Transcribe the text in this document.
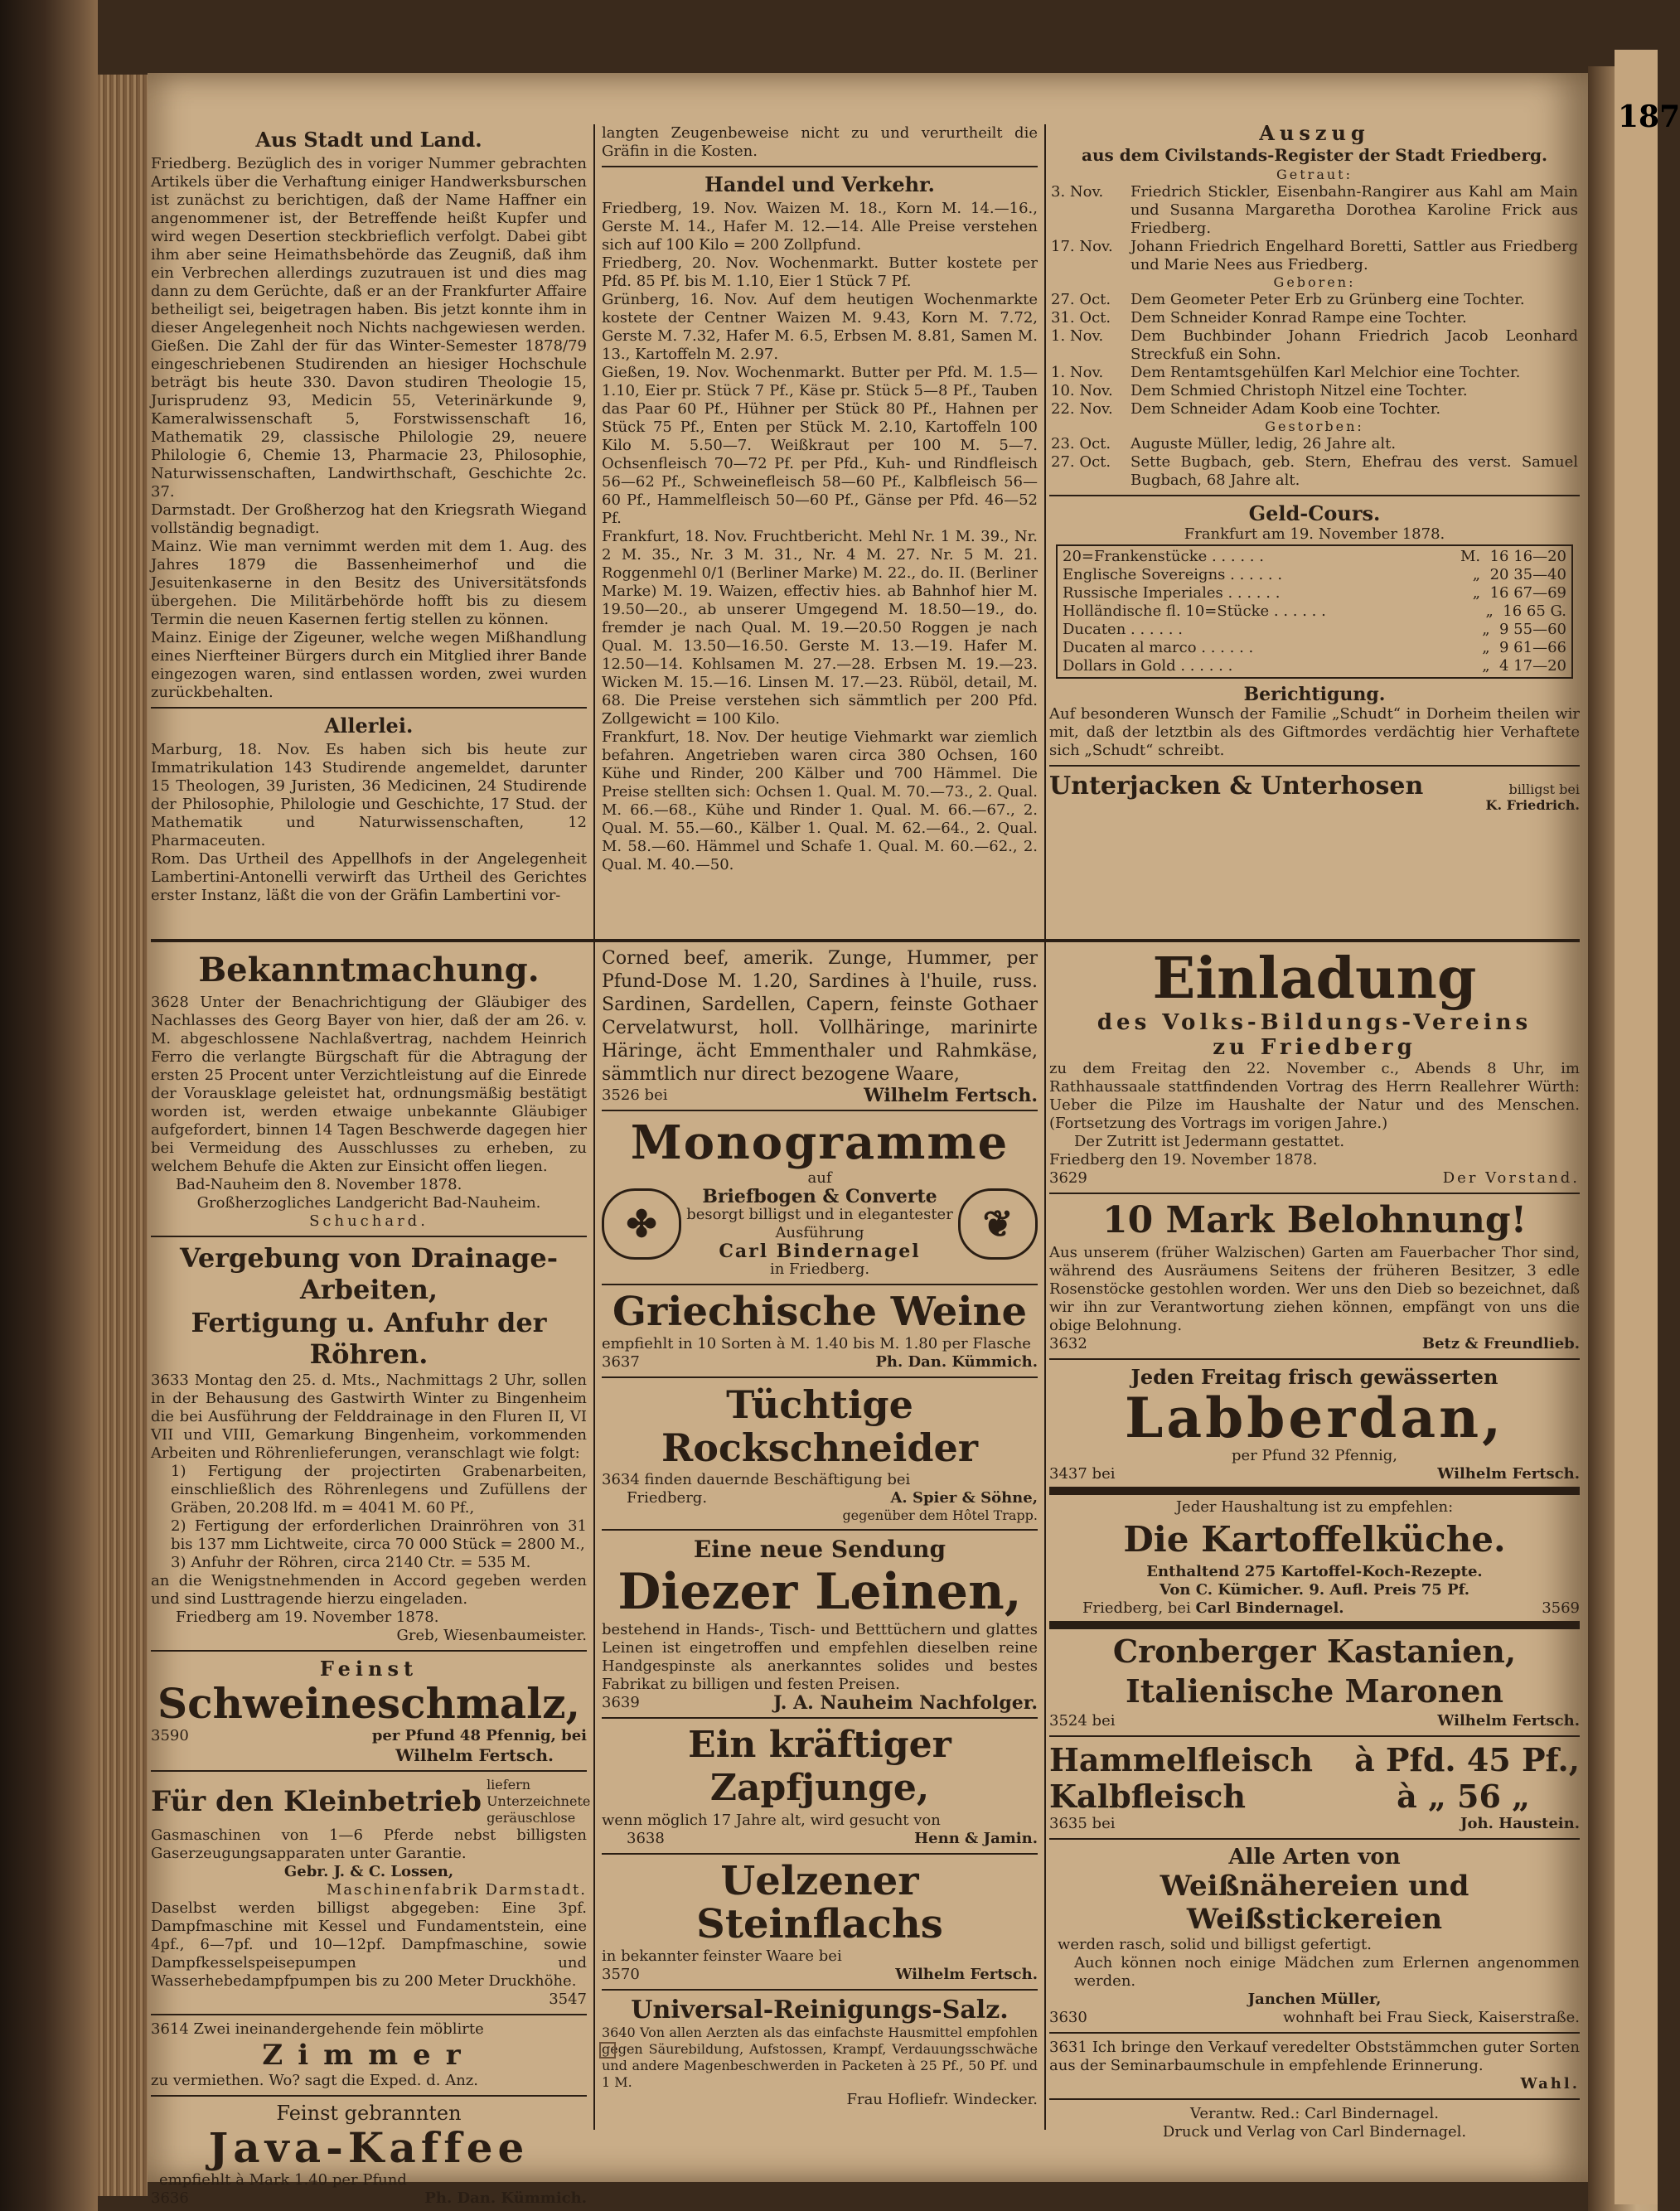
187
Aus Stadt und Land.

Friedberg. Bezüglich des in voriger Nummer gebrachten Artikels über die Verhaftung einiger Handwerksburschen ist zunächst zu berichtigen, daß der Name Haffner ein angenommener ist, der Betreffende heißt Kupfer und wird wegen Desertion steckbrieflich verfolgt. Dabei gibt ihm aber seine Heimathsbehörde das Zeugniß, daß ihm ein Verbrechen allerdings zuzutrauen ist und dies mag dann zu dem Gerüchte, daß er an der Frankfurter Affaire betheiligt sei, beigetragen haben. Bis jetzt konnte ihm in dieser Angelegenheit noch Nichts nachgewiesen werden.

Gießen. Die Zahl der für das Winter-Semester 1878/79 eingeschriebenen Studirenden an hiesiger Hochschule beträgt bis heute 330. Davon studiren Theologie 15, Jurisprudenz 93, Medicin 55, Veterinärkunde 9, Kameralwissenschaft 5, Forstwissenschaft 16, Mathematik 29, classische Philologie 29, neuere Philologie 6, Chemie 13, Pharmacie 23, Philosophie, Naturwissenschaften, Landwirthschaft, Geschichte 2c. 37.

Darmstadt. Der Großherzog hat den Kriegsrath Wiegand vollständig begnadigt.

Mainz. Wie man vernimmt werden mit dem 1. Aug. des Jahres 1879 die Bassenheimerhof und die Jesuitenkaserne in den Besitz des Universitätsfonds übergehen. Die Militärbehörde hofft bis zu diesem Termin die neuen Kasernen fertig stellen zu können.

Mainz. Einige der Zigeuner, welche wegen Mißhandlung eines Nierfteiner Bürgers durch ein Mitglied ihrer Bande eingezogen waren, sind entlassen worden, zwei wurden zurückbehalten.

Allerlei.

Marburg, 18. Nov. Es haben sich bis heute zur Immatrikulation 143 Studirende angemeldet, darunter 15 Theologen, 39 Juristen, 36 Medicinen, 24 Studirende der Philosophie, Philologie und Geschichte, 17 Stud. der Mathematik und Naturwissenschaften, 12 Pharmaceuten.

Rom. Das Urtheil des Appellhofs in der Angelegenheit Lambertini-Antonelli verwirft das Urtheil des Gerichtes erster Instanz, läßt die von der Gräfin Lambertini vor-

langten Zeugenbeweise nicht zu und verurtheilt die Gräfin in die Kosten.

Handel und Verkehr.

Friedberg, 19. Nov. Waizen M. 18., Korn M. 14.—16., Gerste M. 14., Hafer M. 12.—14. Alle Preise verstehen sich auf 100 Kilo = 200 Zollpfund.

Friedberg, 20. Nov. Wochenmarkt. Butter kostete per Pfd. 85 Pf. bis M. 1.10, Eier 1 Stück 7 Pf.

Grünberg, 16. Nov. Auf dem heutigen Wochenmarkte kostete der Centner Waizen M. 9.43, Korn M. 7.72, Gerste M. 7.32, Hafer M. 6.5, Erbsen M. 8.81, Samen M. 13., Kartoffeln M. 2.97.

Gießen, 19. Nov. Wochenmarkt. Butter per Pfd. M. 1.5—1.10, Eier pr. Stück 7 Pf., Käse pr. Stück 5—8 Pf., Tauben das Paar 60 Pf., Hühner per Stück 80 Pf., Hahnen per Stück 75 Pf., Enten per Stück M. 2.10, Kartoffeln 100 Kilo M. 5.50—7. Weißkraut per 100 M. 5—7. Ochsenfleisch 70—72 Pf. per Pfd., Kuh- und Rindfleisch 56—62 Pf., Schweinefleisch 58—60 Pf., Kalbfleisch 56—60 Pf., Hammelfleisch 50—60 Pf., Gänse per Pfd. 46—52 Pf.

Frankfurt, 18. Nov. Fruchtbericht. Mehl Nr. 1 M. 39., Nr. 2 M. 35., Nr. 3 M. 31., Nr. 4 M. 27. Nr. 5 M. 21. Roggenmehl 0/1 (Berliner Marke) M. 22., do. II. (Berliner Marke) M. 19. Waizen, effectiv hies. ab Bahnhof hier M. 19.50—20., ab unserer Umgegend M. 18.50—19., do. fremder je nach Qual. M. 19.—20.50 Roggen je nach Qual. M. 13.50—16.50. Gerste M. 13.—19. Hafer M. 12.50—14. Kohlsamen M. 27.—28. Erbsen M. 19.—23. Wicken M. 15.—16. Linsen M. 17.—23. Rüböl, detail, M. 68. Die Preise verstehen sich sämmtlich per 200 Pfd. Zollgewicht = 100 Kilo.

Frankfurt, 18. Nov. Der heutige Viehmarkt war ziemlich befahren. Angetrieben waren circa 380 Ochsen, 160 Kühe und Rinder, 200 Kälber und 700 Hämmel. Die Preise stellten sich: Ochsen 1. Qual. M. 70.—73., 2. Qual. M. 66.—68., Kühe und Rinder 1. Qual. M. 66.—67., 2. Qual. M. 55.—60., Kälber 1. Qual. M. 62.—64., 2. Qual. M. 58.—60. Hämmel und Schafe 1. Qual. M. 60.—62., 2. Qual. M. 40.—50.

Auszug
aus dem Civilstands-Register der Stadt Friedberg.
Getraut:
3. Nov.	Friedrich Stickler, Eisenbahn-Rangirer aus Kahl am Main und Susanna Margaretha Dorothea Karoline Frick aus Friedberg.
17. Nov.	Johann Friedrich Engelhard Boretti, Sattler aus Friedberg und Marie Nees aus Friedberg.
Geboren:
27. Oct.	Dem Geometer Peter Erb zu Grünberg eine Tochter.
31. Oct.	Dem Schneider Konrad Rampe eine Tochter.
1. Nov.	Dem Buchbinder Johann Friedrich Jacob Leonhard Streckfuß ein Sohn.
1. Nov.	Dem Rentamtsgehülfen Karl Melchior eine Tochter.
10. Nov.	Dem Schmied Christoph Nitzel eine Tochter.
22. Nov.	Dem Schneider Adam Koob eine Tochter.
Gestorben:
23. Oct.	Auguste Müller, ledig, 26 Jahre alt.
27. Oct.	Sette Bugbach, geb. Stern, Ehefrau des verst. Samuel Bugbach, 68 Jahre alt.
Geld-Cours.
Frankfurt am 19. November 1878.
20=Frankenstücke . . . . . .	M.  16 16—20
Englische Sovereigns . . . . . .	„  20 35—40
Russische Imperiales . . . . . .	„  16 67—69
Holländische fl. 10=Stücke . . . . . .	„  16 65 G.
Ducaten . . . . . .	„  9 55—60
Ducaten al marco . . . . . .	„  9 61—66
Dollars in Gold . . . . . .	„  4 17—20
Berichtigung.

Auf besonderen Wunsch der Familie „Schudt“ in Dorheim theilen wir mit, daß der letztbin als des Giftmordes verdächtig hier Verhaftete sich „Schudt“ schreibt.

Unterjacken & Unterhosen	billigst bei
K. Friedrich.
Bekanntmachung.

3628 Unter der Benachrichtigung der Gläubiger des Nachlasses des Georg Bayer von hier, daß der am 26. v. M. abgeschlossene Nachlaßvertrag, nachdem Heinrich Ferro die verlangte Bürgschaft für die Abtragung der ersten 25 Procent unter Verzichtleistung auf die Einrede der Vorausklage geleistet hat, ordnungsmäßig bestätigt worden ist, werden etwaige unbekannte Gläubiger aufgefordert, binnen 14 Tagen Beschwerde dagegen hier bei Vermeidung des Ausschlusses zu erheben, zu welchem Behufe die Akten zur Einsicht offen liegen.

Bad-Nauheim den 8. November 1878.
Großherzogliches Landgericht Bad-Nauheim.
Schuchard.
Vergebung von Drainage-Arbeiten,
Fertigung u. Anfuhr der Röhren.

3633 Montag den 25. d. Mts., Nachmittags 2 Uhr, sollen in der Behausung des Gastwirth Winter zu Bingenheim die bei Ausführung der Felddrainage in den Fluren II, VI VII und VIII, Gemarkung Bingenheim, vorkommenden Arbeiten und Röhrenlieferungen, veranschlagt wie folgt:

1) Fertigung der projectirten Grabenarbeiten, einschließlich des Röhrenlegens und Zufüllens der Gräben, 20.208 lfd. m = 4041 M. 60 Pf.,

2) Fertigung der erforderlichen Drainröhren von 31 bis 137 mm Lichtweite, circa 70 000 Stück = 2800 M.,

3) Anfuhr der Röhren, circa 2140 Ctr. = 535 M.

an die Wenigstnehmenden in Accord gegeben werden und sind Lusttragende hierzu eingeladen.

Friedberg am 19. November 1878.
Greb, Wiesenbaumeister.
Feinst
Schweineschmalz,
3590	per Pfund 48 Pfennig, bei
Wilhelm Fertsch.
Für den Kleinbetrieb
liefern Unterzeichnete geräuschlose

Gasmaschinen von 1—6 Pferde nebst billigsten Gaserzeugungsapparaten unter Garantie.

Gebr. J. & C. Lossen,
Maschinenfabrik Darmstadt.

Daselbst werden billigst abgegeben: Eine 3pf. Dampfmaschine mit Kessel und Fundamentstein, eine 4pf., 6—7pf. und 10—12pf. Dampfmaschine, sowie Dampfkesselspeisepumpen und Wasserhebedampfpumpen bis zu 200 Meter Druckhöhe.

3547
3614 Zwei ineinandergehende fein möblirte
Zimmer
zu vermiethen. Wo? sagt die Exped. d. Anz.
Feinst gebrannten
Java-Kaffee
empfiehlt à Mark 1.40 per Pfund
3636	Ph. Dan. Kümmich.

Corned beef, amerik. Zunge, Hummer, per Pfund-Dose M. 1.20, Sardines à l'huile, russ. Sardinen, Sardellen, Capern, feinste Gothaer Cervelatwurst, holl. Vollhäringe, marinirte Häringe, ächt Emmenthaler und Rahmkäse, sämmtlich nur direct bezogene Waare,

3526 bei	Wilhelm Fertsch.
Monogramme
✤
auf
Briefbogen & Converte
besorgt billigst und in elegantester Ausführung
Carl Bindernagel
in Friedberg.
❦
Griechische Weine
empfiehlt in 10 Sorten à M. 1.40 bis M. 1.80 per Flasche
3637	Ph. Dan. Kümmich.
Tüchtige Rockschneider
3634 finden dauernde Beschäftigung bei
Friedberg.	A. Spier & Söhne,
gegenüber dem Hôtel Trapp.
Eine neue Sendung
Diezer Leinen,

bestehend in Hands-, Tisch- und Betttüchern und glattes Leinen ist eingetroffen und empfehlen dieselben reine Handgespinste als anerkanntes solides und bestes Fabrikat zu billigen und festen Preisen.

3639	J. A. Nauheim Nachfolger.
Ein kräftiger Zapfjunge,
wenn möglich 17 Jahre alt, wird gesucht von
3638	Henn & Jamin.
Uelzener Steinflachs
in bekannter feinster Waare bei
3570	Wilhelm Fertsch.
Universal-Reinigungs-Salz.

3640 Von allen Aerzten als das einfachste Hausmittel empfohlen gegen Säurebildung, Aufstossen, Krampf, Verdauungsschwäche und andere Magenbeschwerden in Packeten à 25 Pf., 50 Pf. und 1 M.

Frau Hofliefr. Windecker.
Einladung
des Volks-Bildungs-Vereins
zu Friedberg

zu dem Freitag den 22. November c., Abends 8 Uhr, im Rathhaussaale stattfindenden Vortrag des Herrn Reallehrer Würth: Ueber die Pilze im Haushalte der Natur und des Menschen. (Fortsetzung des Vortrags im vorigen Jahre.)

Der Zutritt ist Jedermann gestattet.
Friedberg den 19. November 1878.
3629	Der Vorstand.
10 Mark Belohnung!

Aus unserem (früher Walzischen) Garten am Fauerbacher Thor sind, während des Ausräumens Seitens der früheren Besitzer, 3 edle Rosenstöcke gestohlen worden. Wer uns den Dieb so bezeichnet, daß wir ihn zur Verantwortung ziehen können, empfängt von uns die obige Belohnung.

3632	Betz & Freundlieb.
Jeden Freitag frisch gewässerten
Labberdan,
per Pfund 32 Pfennig,
3437 bei	Wilhelm Fertsch.
Jeder Haushaltung ist zu empfehlen:
Die Kartoffelküche.
Enthaltend 275 Kartoffel-Koch-Rezepte.
Von C. Kümicher. 9. Aufl. Preis 75 Pf.
Friedberg, bei Carl Bindernagel.	3569
Cronberger Kastanien,
Italienische Maronen
3524 bei	Wilhelm Fertsch.
Hammelfleisch à Pfd. 45 Pf.,
Kalbfleisch	à „ 56 „
3635 bei	Joh. Haustein.
Alle Arten von
Weißnähereien und Weißstickereien
werden rasch, solid und billigst gefertigt.

Auch können noch einige Mädchen zum Erlernen angenommen werden.

Janchen Müller,
3630	wohnhaft bei Frau Sieck, Kaiserstraße.

3631 Ich bringe den Verkauf veredelter Obststämmchen guter Sorten aus der Seminarbaumschule in empfehlende Erinnerung.

Wahl.
Verantw. Red.: Carl Bindernagel.
Druck und Verlag von Carl Bindernagel.
